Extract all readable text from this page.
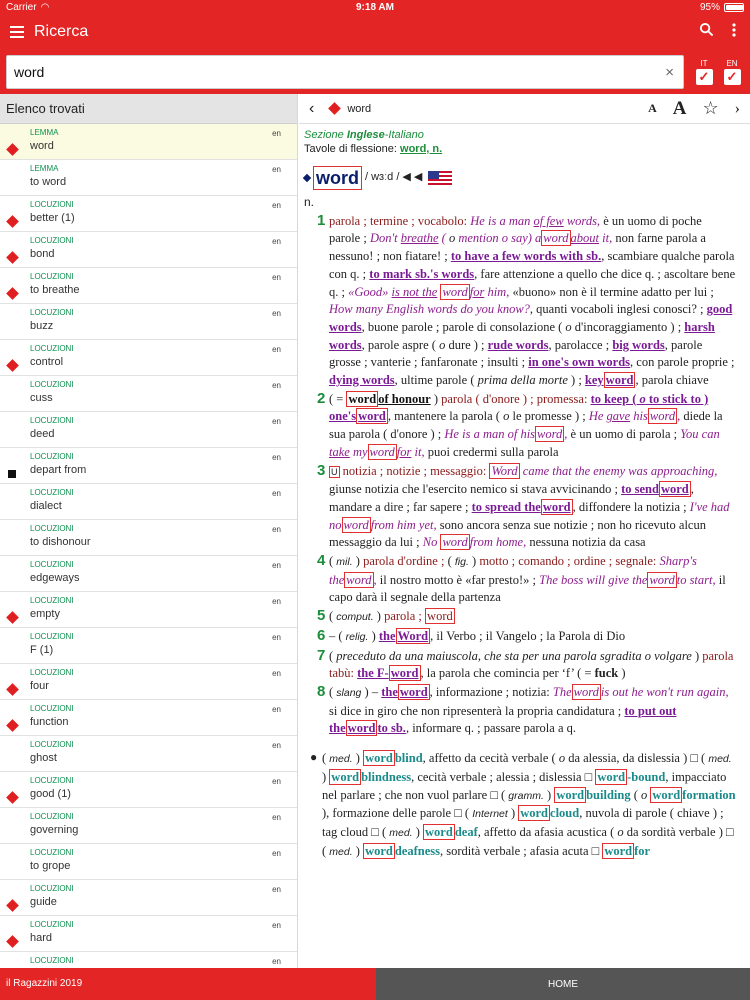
Carrier ◠	9:18 AM	95%
Ricerca
word
×
IT
✓
EN
✓
Elenco trovati
LEMMA
word
en
LEMMA
to word
en
LOCUZIONI
better (1)
en
LOCUZIONI
bond
en
LOCUZIONI
to breathe
en
LOCUZIONI
buzz
en
LOCUZIONI
control
en
LOCUZIONI
cuss
en
LOCUZIONI
deed
en
LOCUZIONI
depart from
en
LOCUZIONI
dialect
en
LOCUZIONI
to dishonour
en
LOCUZIONI
edgeways
en
LOCUZIONI
empty
en
LOCUZIONI
F (1)
en
LOCUZIONI
four
en
LOCUZIONI
function
en
LOCUZIONI
ghost
en
LOCUZIONI
good (1)
en
LOCUZIONI
governing
en
LOCUZIONI
to grope
en
LOCUZIONI
guide
en
LOCUZIONI
hard
en
LOCUZIONI	en
‹	word	A A ☆ ›
Sezione Inglese-Italiano
Tavole di flessione: word, n.
word / wɜːd / ◀ ◀
n.
1 parola ; termine ; vocabolo: He is a man of few words, è un uomo di poche parole ; Don't breathe ( o mention o say) a word about it, non farne parola a nessuno! ; non fiatare! ; to have a few words with sb., scambiare qualche parola con q. ; to mark sb.'s words, fare attenzione a quello che dice q. ; ascoltare bene q. ; «Good» is not the word for him, «buono» non è il termine adatto per lui ; How many English words do you know?, quanti vocaboli inglesi conosci? ; good words, buone parole ; parole di consolazione ( o d'incoraggiamento ) ; harsh words, parole aspre ( o dure ) ; rude words, parolacce ; big words, parole grosse ; vanterie ; fanfaronate ; insulti ; in one's own words, con parole proprie ; dying words, ultime parole ( prima della morte ) ; key word , parola chiave
2 ( = word of honour ) parola ( d'onore ) ; promessa: to keep ( o to stick to ) one's word , mantenere la parola ( o le promesse ) ; He gave his word , diede la sua parola ( d'onore ) ; He is a man of his word , è un uomo di parola ; You can take my word for it, puoi credermi sulla parola
3 U notizia ; notizie ; messaggio: Word came that the enemy was approaching, giunse notizia che l'esercito nemico si stava avvicinando ; to send word , mandare a dire ; far sapere ; to spread the word , diffondere la notizia ; I've had no word from him yet, sono ancora senza sue notizie ; non ho ricevuto alcun messaggio da lui ; No word from home, nessuna notizia da casa
4 ( mil. ) parola d'ordine ; ( fig. ) motto ; comando ; ordine ; segnale: Sharp's the word , il nostro motto è «far presto!» ; The boss will give the word to start, il capo darà il segnale della partenza
5 ( comput. ) parola ; word
6 – ( relig. ) the Word , il Verbo ; il Vangelo ; la Parola di Dio
7 ( preceduto da una maiuscola, che sta per una parola sgradita o volgare ) parola tabù: the F- word , la parola che comincia per ‘f’ ( = fuck )
8 ( slang ) – the word , informazione ; notizia: The word is out he won't run again, si dice in giro che non ripresenterà la propria candidatura ; to put out the word to sb., informare q. ; passare parola a q.
● ( med. ) word blind, affetto da cecità verbale ( o da alessia, da dislessia ) □ ( med. ) word blindness, cecità verbale ; alessia ; dislessia □ word -bound, impacciato nel parlare ; che non vuol parlare □ ( gramm. ) word building ( o word formation ), formazione delle parole □ ( Internet ) word cloud, nuvola di parole ( chiave ) ; tag cloud □ ( med. ) word deaf, affetto da afasia acustica ( o da sordità verbale ) □ ( med. ) word deafness, sordità verbale ; afasia acuta □ word for
il Ragazzini 2019	HOME
